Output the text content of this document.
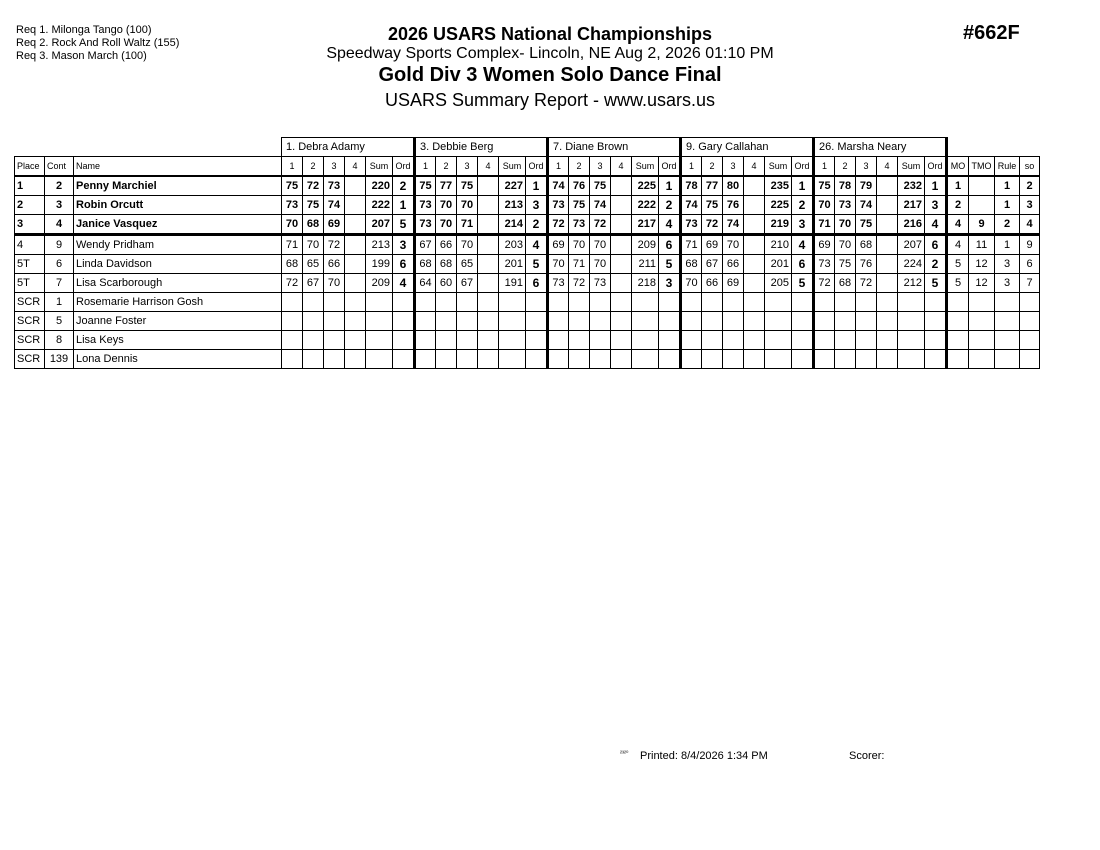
Req 1. Milonga Tango (100)
Req 2. Rock And Roll Waltz (155)
Req 3. Mason March (100)
#662F
2026 USARS National Championships
Speedway Sports Complex- Lincoln, NE Aug 2, 2026 01:10 PM
Gold Div 3 Women Solo Dance Final
USARS Summary Report - www.usars.us
			1. Debra Adamy						3. Debbie Berg						7. Diane Brown						9. Gary Callahan						26. Marsha Neary									
Place	Cont	Name	1	2	3	4	Sum	Ord	1	2	3	4	Sum	Ord	1	2	3	4	Sum	Ord	1	2	3	4	Sum	Ord	1	2	3	4	Sum	Ord	MO	TMO	Rule	so
1	2	Penny Marchiel	75	72	73		220	2	75	77	75		227	1	74	76	75		225	1	78	77	80		235	1	75	78	79		232	1	1		1	2
2	3	Robin Orcutt	73	75	74		222	1	73	70	70		213	3	73	75	74		222	2	74	75	76		225	2	70	73	74		217	3	2		1	3
3	4	Janice Vasquez	70	68	69		207	5	73	70	71		214	2	72	73	72		217	4	73	72	74		219	3	71	70	75		216	4	4	9	2	4
4	9	Wendy Pridham	71	70	72		213	3	67	66	70		203	4	69	70	70		209	6	71	69	70		210	4	69	70	68		207	6	4	11	1	9
5T	6	Linda Davidson	68	65	66		199	6	68	68	65		201	5	70	71	70		211	5	68	67	66		201	6	73	75	76		224	2	5	12	3	6
5T	7	Lisa Scarborough	72	67	70		209	4	64	60	67		191	6	73	72	73		218	3	70	66	69		205	5	72	68	72		212	5	5	12	3	7
SCR	1	Rosemarie Harrison Gosh																																		
SCR	5	Joanne Foster																																		
SCR	8	Lisa Keys																																		
SCR	139	Lona Dennis																																		
²³²⁰ Printed: 8/4/2026 1:34 PM	Scorer:
